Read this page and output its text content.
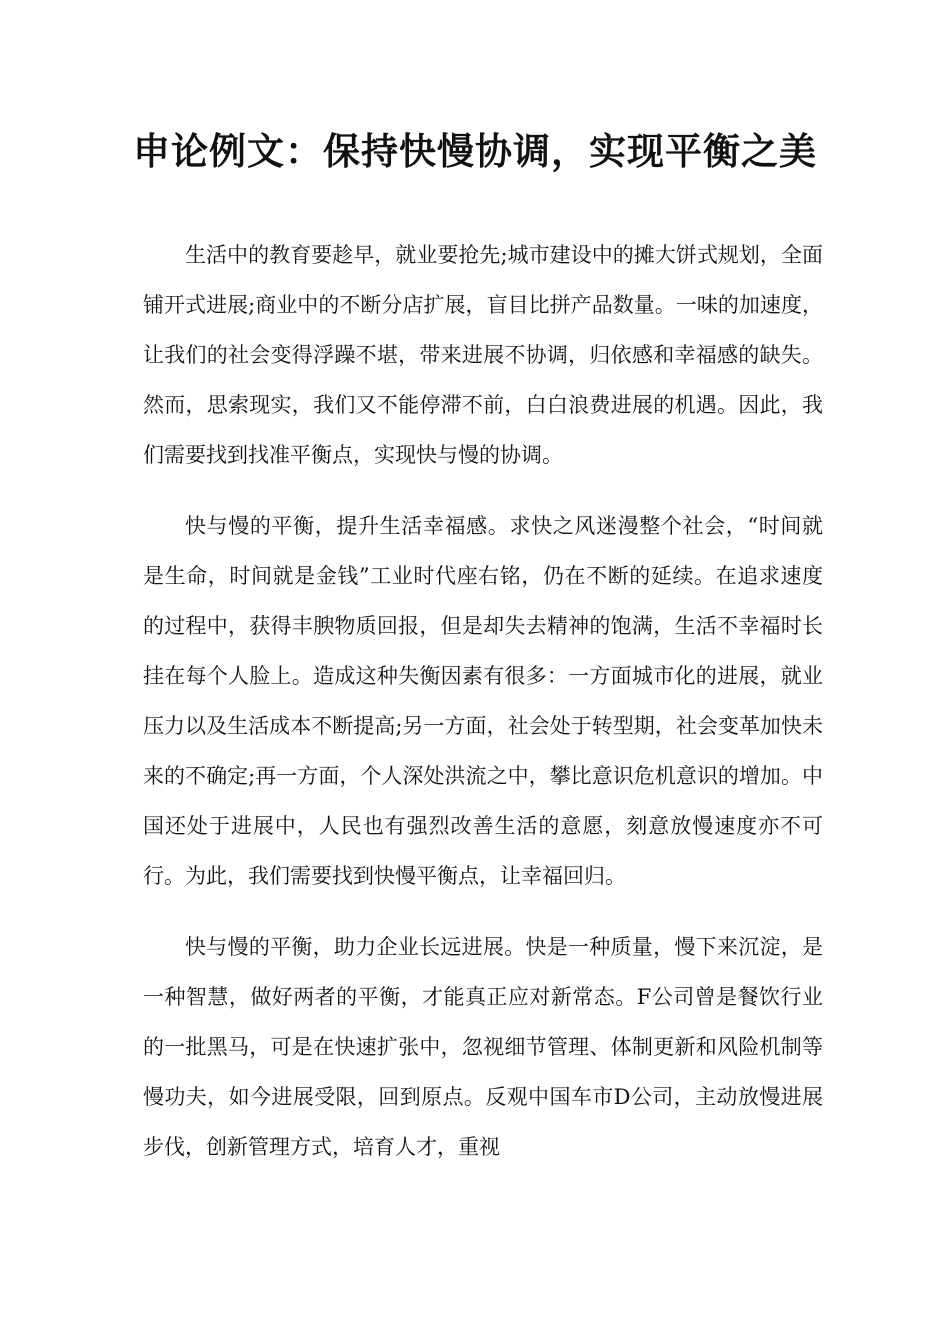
申论例文：保持快慢协调，实现平衡之美

生活中的教育要趁早，就业要抢先;城市建设中的摊大饼式规划，全面铺开式进展;商业中的不断分店扩展，盲目比拼产品数量。一味的加速度，让我们的社会变得浮躁不堪，带来进展不协调，归依感和幸福感的缺失。然而，思索现实，我们又不能停滞不前，白白浪费进展的机遇。因此，我们需要找到找准平衡点，实现快与慢的协调。

快与慢的平衡，提升生活幸福感。求快之风迷漫整个社会，“时间就是生命，时间就是金钱”工业时代座右铭，仍在不断的延续。在追求速度的过程中，获得丰腴物质回报，但是却失去精神的饱满，生活不幸福时长挂在每个人脸上。造成这种失衡因素有很多：一方面城市化的进展，就业压力以及生活成本不断提高;另一方面，社会处于转型期，社会变革加快未来的不确定;再一方面，个人深处洪流之中，攀比意识危机意识的增加。中国还处于进展中，人民也有强烈改善生活的意愿，刻意放慢速度亦不可行。为此，我们需要找到快慢平衡点，让幸福回归。

快与慢的平衡，助力企业长远进展。快是一种质量，慢下来沉淀，是一种智慧，做好两者的平衡，才能真正应对新常态。F公司曾是餐饮行业的一批黑马，可是在快速扩张中，忽视细节管理、体制更新和风险机制等慢功夫，如今进展受限，回到原点。反观中国车市D公司，主动放慢进展步伐，创新管理方式，培育人才，重视
